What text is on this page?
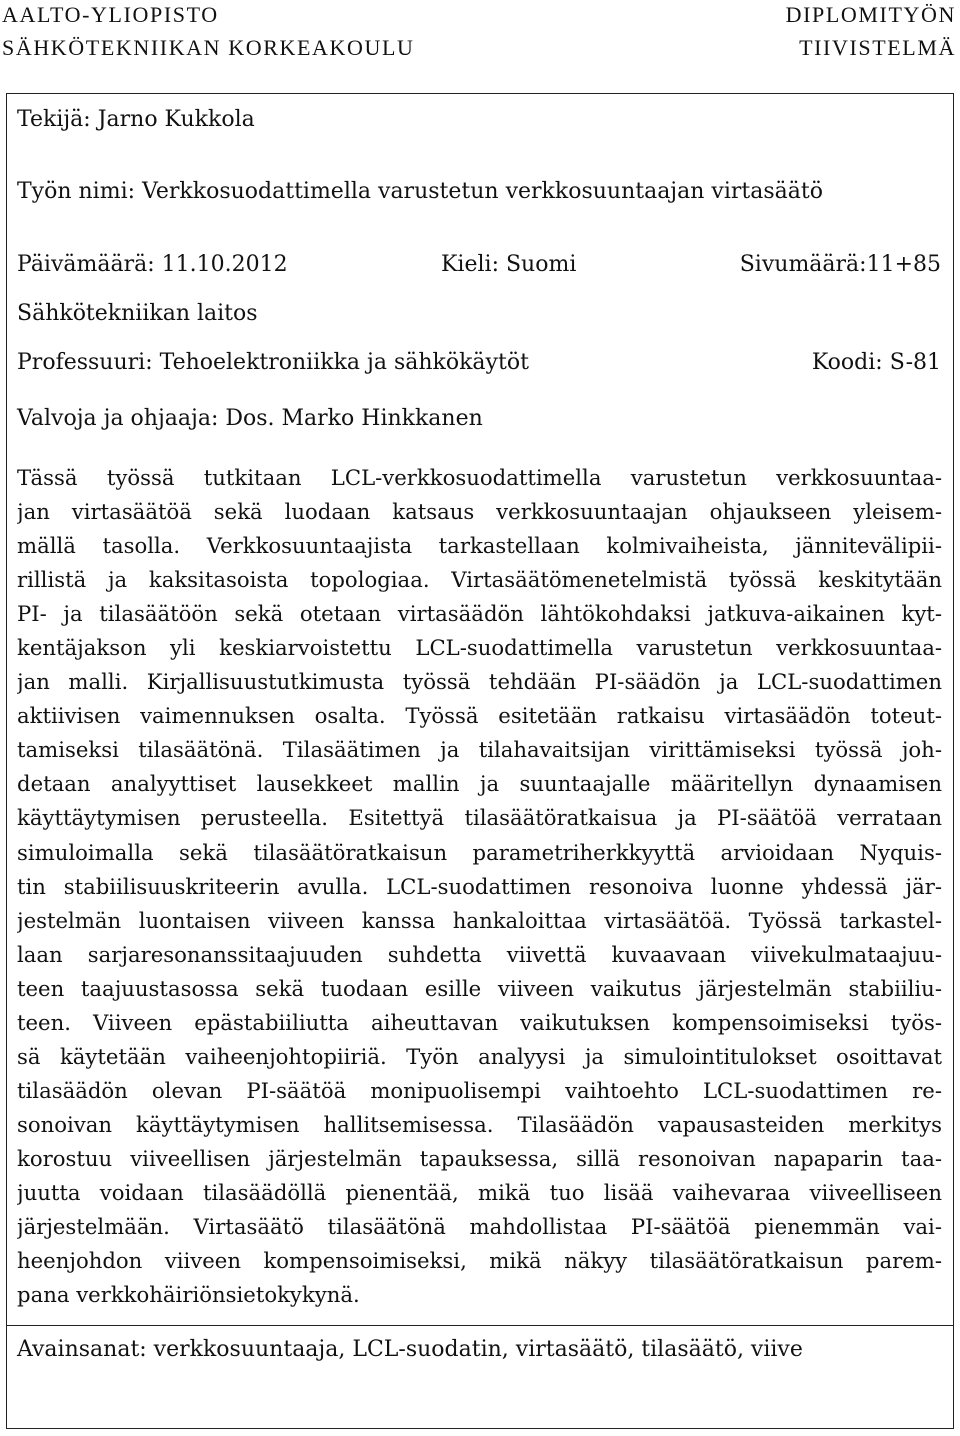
AALTO-YLIOPISTO
SÄHKÖTEKNIIKAN KORKEAKOULU
DIPLOMITYÖN
TIIVISTELMÄ
Tekijä: Jarno Kukkola
Työn nimi: Verkkosuodattimella varustetun verkkosuuntaajan virtasäätö
Päivämäärä: 11.10.2012	Kieli: Suomi	Sivumäärä:11+85
Sähkötekniikan laitos
Professuuri: Tehoelektroniikka ja sähkökäytöt	Koodi: S-81
Valvoja ja ohjaaja: Dos. Marko Hinkkanen
Tässä työssä tutkitaan LCL-verkkosuodattimella varustetun verkkosuuntaa-
jan virtasäätöä sekä luodaan katsaus verkkosuuntaajan ohjaukseen yleisem-
mällä tasolla. Verkkosuuntaajista tarkastellaan kolmivaiheista, jännitevälipii-
rillistä ja kaksitasoista topologiaa. Virtasäätömenetelmistä työssä keskitytään
PI- ja tilasäätöön sekä otetaan virtasäädön lähtökohdaksi jatkuva-aikainen kyt-
kentäjakson yli keskiarvoistettu LCL-suodattimella varustetun verkkosuuntaa-
jan malli. Kirjallisuustutkimusta työssä tehdään PI-säädön ja LCL-suodattimen
aktiivisen vaimennuksen osalta. Työssä esitetään ratkaisu virtasäädön toteut-
tamiseksi tilasäätönä. Tilasäätimen ja tilahavaitsijan virittämiseksi työssä joh-
detaan analyyttiset lausekkeet mallin ja suuntaajalle määritellyn dynaamisen
käyttäytymisen perusteella. Esitettyä tilasäätöratkaisua ja PI-säätöä verrataan
simuloimalla sekä tilasäätöratkaisun parametriherkkyyttä arvioidaan Nyquis-
tin stabiilisuuskriteerin avulla. LCL-suodattimen resonoiva luonne yhdessä jär-
jestelmän luontaisen viiveen kanssa hankaloittaa virtasäätöä. Työssä tarkastel-
laan sarjaresonanssitaajuuden suhdetta viivettä kuvaavaan viivekulmataajuu-
teen taajuustasossa sekä tuodaan esille viiveen vaikutus järjestelmän stabiiliu-
teen. Viiveen epästabiiliutta aiheuttavan vaikutuksen kompensoimiseksi työs-
sä käytetään vaiheenjohtopiiriä. Työn analyysi ja simulointitulokset osoittavat
tilasäädön olevan PI-säätöä monipuolisempi vaihtoehto LCL-suodattimen re-
sonoivan käyttäytymisen hallitsemisessa. Tilasäädön vapausasteiden merkitys
korostuu viiveellisen järjestelmän tapauksessa, sillä resonoivan napaparin taa-
juutta voidaan tilasäädöllä pienentää, mikä tuo lisää vaihevaraa viiveelliseen
järjestelmään. Virtasäätö tilasäätönä mahdollistaa PI-säätöä pienemmän vai-
heenjohdon viiveen kompensoimiseksi, mikä näkyy tilasäätöratkaisun parem-
pana verkkohäiriönsietokykynä.
Avainsanat: verkkosuuntaaja, LCL-suodatin, virtasäätö, tilasäätö, viive
